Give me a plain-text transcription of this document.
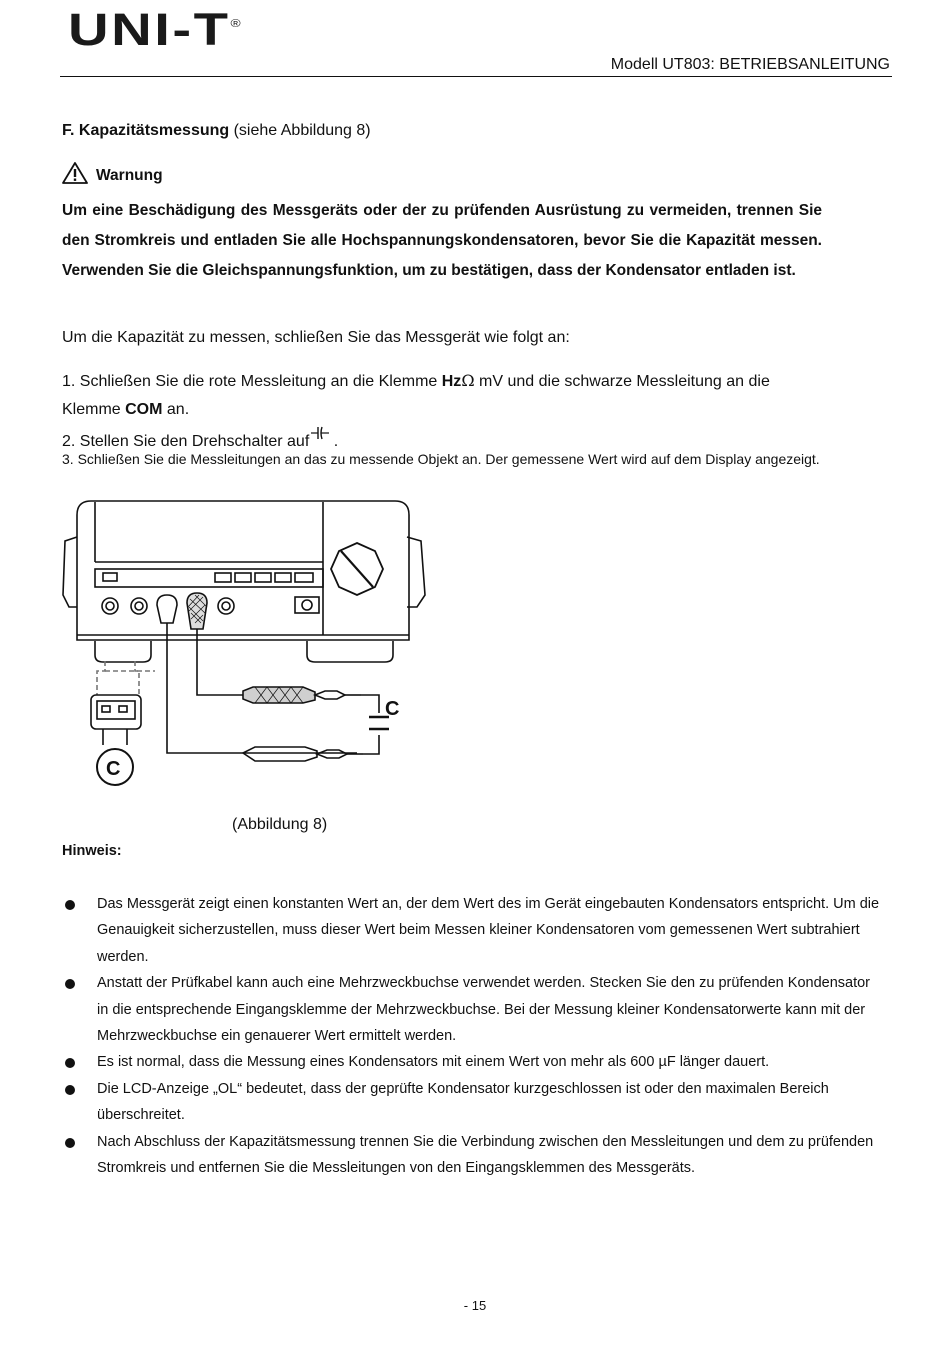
UNI-T®
Modell UT803: BETRIEBSANLEITUNG
F. Kapazitätsmessung (siehe Abbildung 8)
Warnung
Um eine Beschädigung des Messgeräts oder der zu prüfenden Ausrüstung zu vermeiden, trennen Sie den Stromkreis und entladen Sie alle Hochspannungskondensatoren, bevor Sie die Kapazität messen. Verwenden Sie die Gleichspannungsfunktion, um zu bestätigen, dass der Kondensator entladen ist.
Um die Kapazität zu messen, schließen Sie das Messgerät wie folgt an:
1. Schließen Sie die rote Messleitung an die Klemme HzΩ mV und die schwarze Messleitung an die
Klemme COM an.
2. Stellen Sie den Drehschalter auf .
3. Schließen Sie die Messleitungen an das zu messende Objekt an. Der gemessene Wert wird auf dem Display angezeigt.
C
C
(Abbildung 8)
Hinweis:
Das Messgerät zeigt einen konstanten Wert an, der dem Wert des im Gerät eingebauten Kondensators entspricht. Um die Genauigkeit sicherzustellen, muss dieser Wert beim Messen kleiner Kondensatoren vom gemessenen Wert subtrahiert werden.
Anstatt der Prüfkabel kann auch eine Mehrzweckbuchse verwendet werden. Stecken Sie den zu prüfenden Kondensator in die entsprechende Eingangsklemme der Mehrzweckbuchse. Bei der Messung kleiner Kondensatorwerte kann mit der Mehrzweckbuchse ein genauerer Wert ermittelt werden.
Es ist normal, dass die Messung eines Kondensators mit einem Wert von mehr als 600 µF länger dauert.
Die LCD-Anzeige „OL“ bedeutet, dass der geprüfte Kondensator kurzgeschlossen ist oder den maximalen Bereich überschreitet.
Nach Abschluss der Kapazitätsmessung trennen Sie die Verbindung zwischen den Messleitungen und dem zu prüfenden Stromkreis und entfernen Sie die Messleitungen von den Eingangsklemmen des Messgeräts.
- 15
